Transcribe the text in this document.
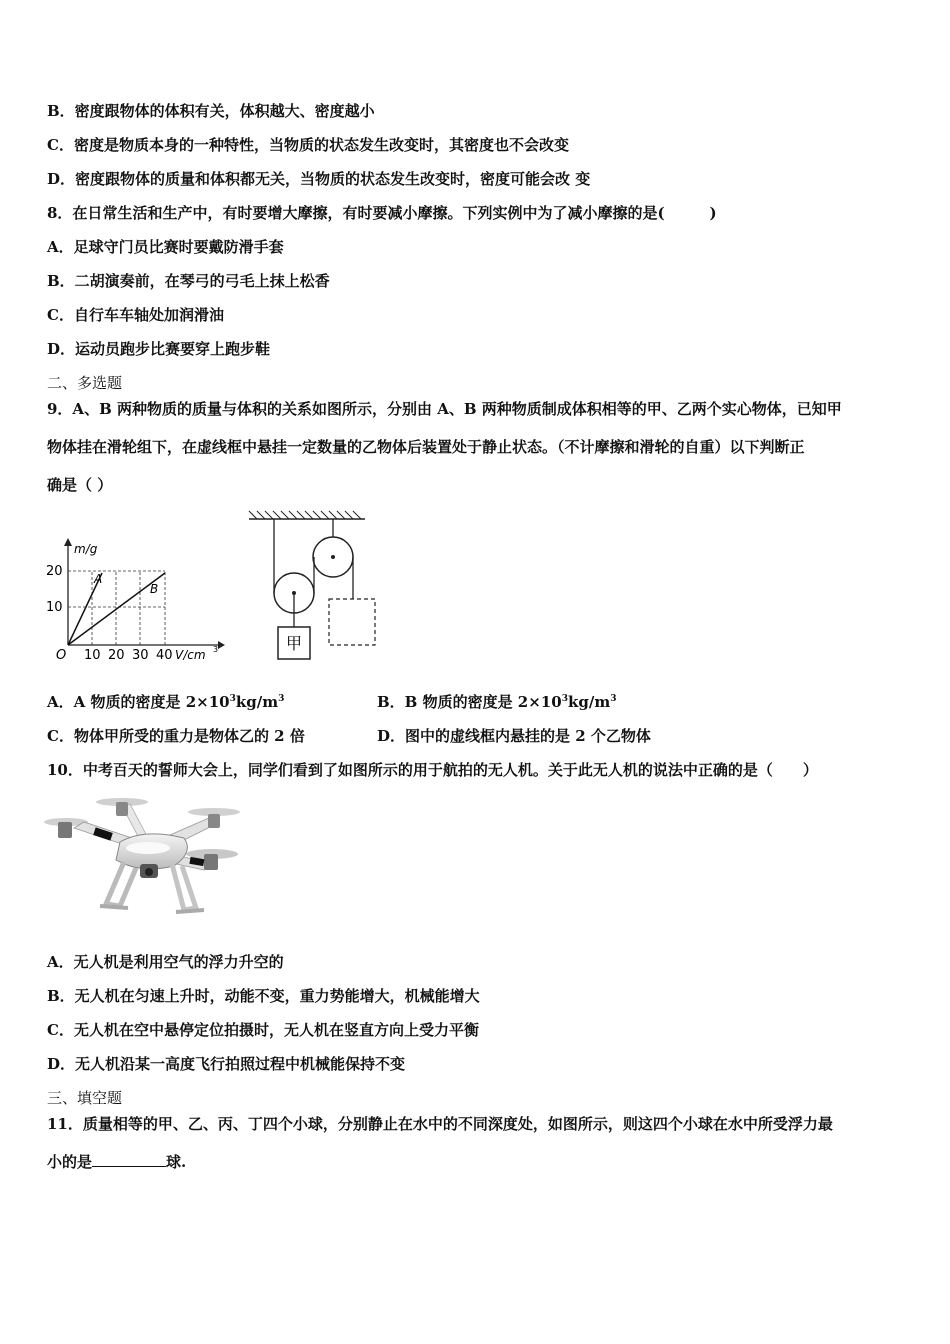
B．密度跟物体的体积有关，体积越大、密度越小
C．密度是物质本身的一种特性，当物质的状态发生改变时，其密度也不会改变
D．密度跟物体的质量和体积都无关，当物质的状态发生改变时，密度可能会改 变
8．在日常生活和生产中，有时要增大摩擦，有时要减小摩擦。下列实例中为了减小摩擦的是(　　　)
A．足球守门员比赛时要戴防滑手套
B．二胡演奏前，在琴弓的弓毛上抹上松香
C．自行车车轴处加润滑油
D．运动员跑步比赛要穿上跑步鞋
二、多选题
9．A、B 两种物质的质量与体积的关系如图所示，分别由 A、B 两种物质制成体积相等的甲、乙两个实心物体，已知甲
物体挂在滑轮组下，在虚线框中悬挂一定数量的乙物体后装置处于静止状态。（不计摩擦和滑轮的自重）以下判断正
确是（ ）
m/g
20
10
O 10 20 30 40 V/cm 3
A
B
甲
A．A 物质的密度是 $2\times 10^3kg/m^3$	B．B 物质的密度是 $2\times 10^3kg/m^3$
C．物体甲所受的重力是物体乙的 2 倍	D．图中的虚线框内悬挂的是 2 个乙物体
10．中考百天的誓师大会上，同学们看到了如图所示的用于航拍的无人机。关于此无人机的说法中正确的是（　　）
A．无人机是利用空气的浮力升空的
B．无人机在匀速上升时，动能不变，重力势能增大，机械能增大
C．无人机在空中悬停定位拍摄时，无人机在竖直方向上受力平衡
D．无人机沿某一高度飞行拍照过程中机械能保持不变
三、填空题
11．质量相等的甲、乙、丙、丁四个小球，分别静止在水中的不同深度处，如图所示，则这四个小球在水中所受浮力最
小的是	球.
